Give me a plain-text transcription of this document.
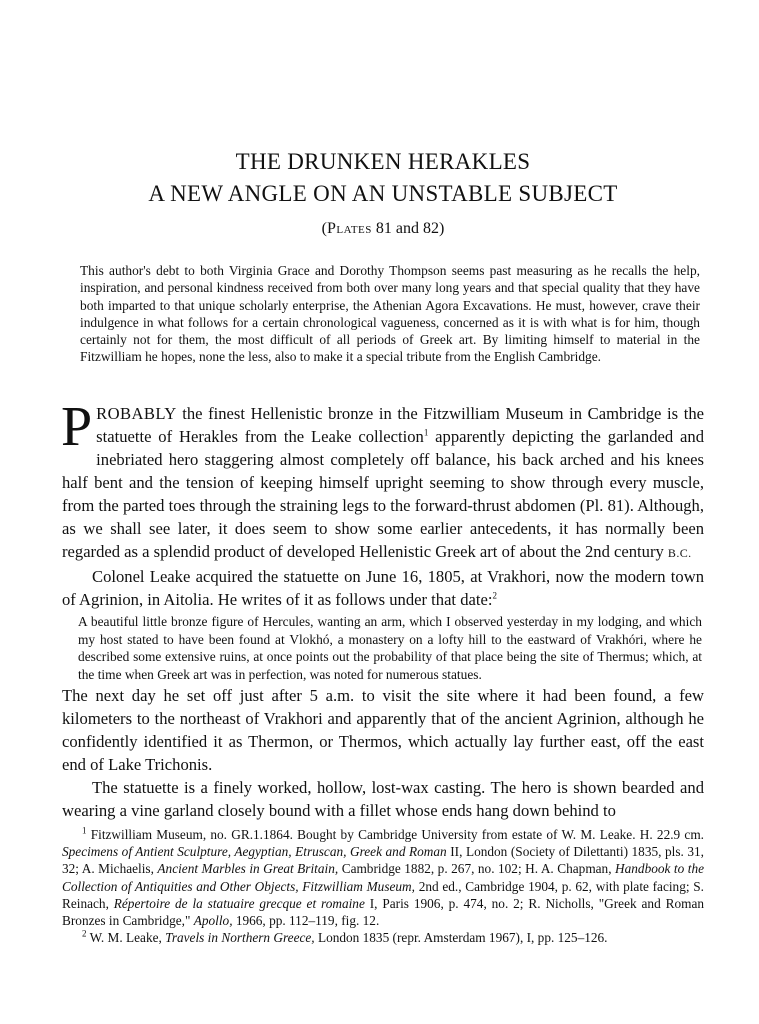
THE DRUNKEN HERAKLES
A NEW ANGLE ON AN UNSTABLE SUBJECT
(Plates 81 and 82)

This author's debt to both Virginia Grace and Dorothy Thompson seems past measuring as he recalls the help, inspiration, and personal kindness received from both over many long years and that special quality that they have both imparted to that unique scholarly enterprise, the Athenian Agora Excavations. He must, however, crave their indulgence in what follows for a certain chronological vagueness, concerned as it is with what is for him, though certainly not for them, the most difficult of all periods of Greek art. By limiting himself to material in the Fitzwilliam he hopes, none the less, also to make it a special tribute from the English Cambridge.

PROBABLY the finest Hellenistic bronze in the Fitzwilliam Museum in Cambridge is the statuette of Herakles from the Leake collection$^1$ apparently depicting the garlanded and inebriated hero staggering almost completely off balance, his back arched and his knees half bent and the tension of keeping himself upright seeming to show through every muscle, from the parted toes through the straining legs to the forward-thrust abdomen (Pl. 81). Although, as we shall see later, it does seem to show some earlier antecedents, it has normally been regarded as a splendid product of developed Hellenistic Greek art of about the 2nd century B.C.

Colonel Leake acquired the statuette on June 16, 1805, at Vrakhori, now the modern town of Agrinion, in Aitolia. He writes of it as follows under that date:$^2$

A beautiful little bronze figure of Hercules, wanting an arm, which I observed yesterday in my lodging, and which my host stated to have been found at Vlokhó, a monastery on a lofty hill to the eastward of Vrakhóri, where he described some extensive ruins, at once points out the probability of that place being the site of Thermus; which, at the time when Greek art was in perfection, was noted for numerous statues.

The next day he set off just after 5 a.m. to visit the site where it had been found, a few kilometers to the northeast of Vrakhori and apparently that of the ancient Agrinion, although he confidently identified it as Thermon, or Thermos, which actually lay further east, off the east end of Lake Trichonis.

The statuette is a finely worked, hollow, lost-wax casting. The hero is shown bearded and wearing a vine garland closely bound with a fillet whose ends hang down behind to

$^1$ Fitzwilliam Museum, no. GR.1.1864. Bought by Cambridge University from estate of W. M. Leake. H. 22.9 cm. Specimens of Antient Sculpture, Aegyptian, Etruscan, Greek and Roman II, London (Society of Dilettanti) 1835, pls. 31, 32; A. Michaelis, Ancient Marbles in Great Britain, Cambridge 1882, p. 267, no. 102; H. A. Chapman, Handbook to the Collection of Antiquities and Other Objects, Fitzwilliam Museum, 2nd ed., Cambridge 1904, p. 62, with plate facing; S. Reinach, Répertoire de la statuaire grecque et romaine I, Paris 1906, p. 474, no. 2; R. Nicholls, "Greek and Roman Bronzes in Cambridge," Apollo, 1966, pp. 112–119, fig. 12.

$^2$ W. M. Leake, Travels in Northern Greece, London 1835 (repr. Amsterdam 1967), I, pp. 125–126.
